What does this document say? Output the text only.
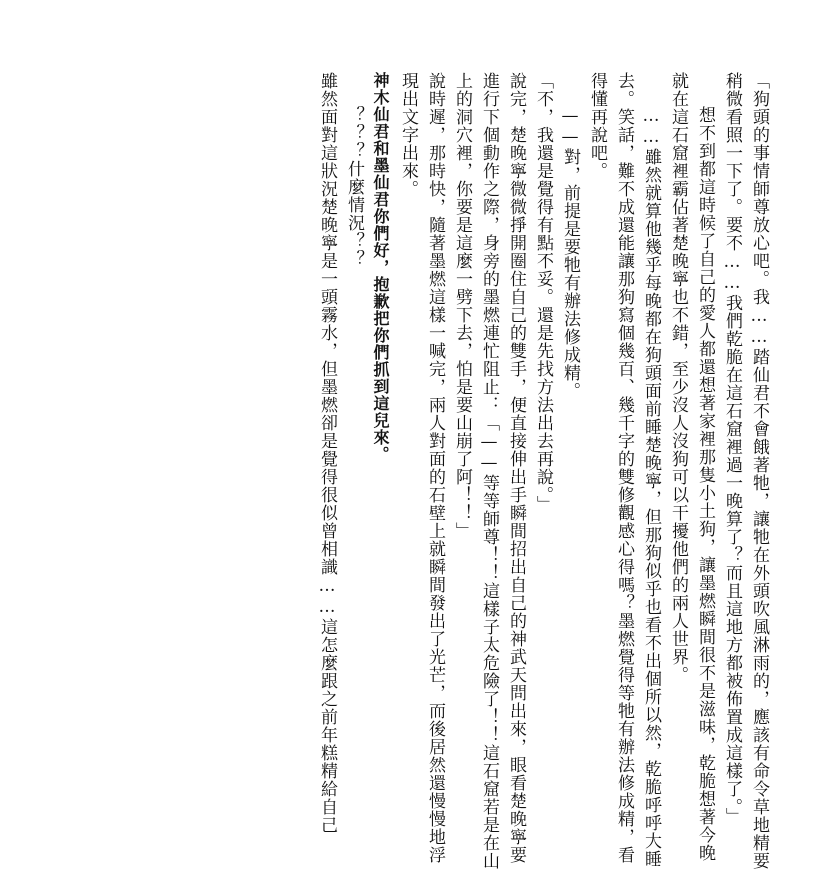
「狗頭的事情師尊放心吧。我……踏仙君不會餓著牠，讓牠在外頭吹風淋雨的，應該有命令草地精要稍微看照一下了。要不……我們乾脆在這石窟裡過一晚算了？而且這地方都被佈置成這樣了。」

想不到都這時候了自己的愛人都還想著家裡那隻小土狗，讓墨燃瞬間很不是滋味，乾脆想著今晚就在這石窟裡霸佔著楚晚寧也不錯，至少沒人沒狗可以干擾他們的兩人世界。

……雖然就算他幾乎每晚都在狗頭面前睡楚晚寧，但那狗似乎也看不出個所以然，乾脆呼呼大睡去。笑話，難不成還能讓那狗寫個幾百、幾千字的雙修觀感心得嗎？墨燃覺得等牠有辦法修成精，看得懂再說吧。

——對，前提是要牠有辦法修成精。

「不，我還是覺得有點不妥。還是先找方法出去再說。」

說完，楚晚寧微微掙開圈住自己的雙手，便直接伸出手瞬間招出自己的神武天問出來，眼看楚晚寧要進行下個動作之際，身旁的墨燃連忙阻止：「——等等師尊！！這樣子太危險了！！這石窟若是在山上的洞穴裡，你要是這麼一劈下去，怕是要山崩了阿！！」

說時遲，那時快，隨著墨燃這樣一喊完，兩人對面的石壁上就瞬間發出了光芒，而後居然還慢慢地浮現出文字出來。

神木仙君和墨仙君你們好，抱歉把你們抓到這兒來。

？？？什麼情況？？

雖然面對這狀況楚晚寧是一頭霧水，但墨燃卻是覺得很似曾相識……這怎麼跟之前年糕精給自己
